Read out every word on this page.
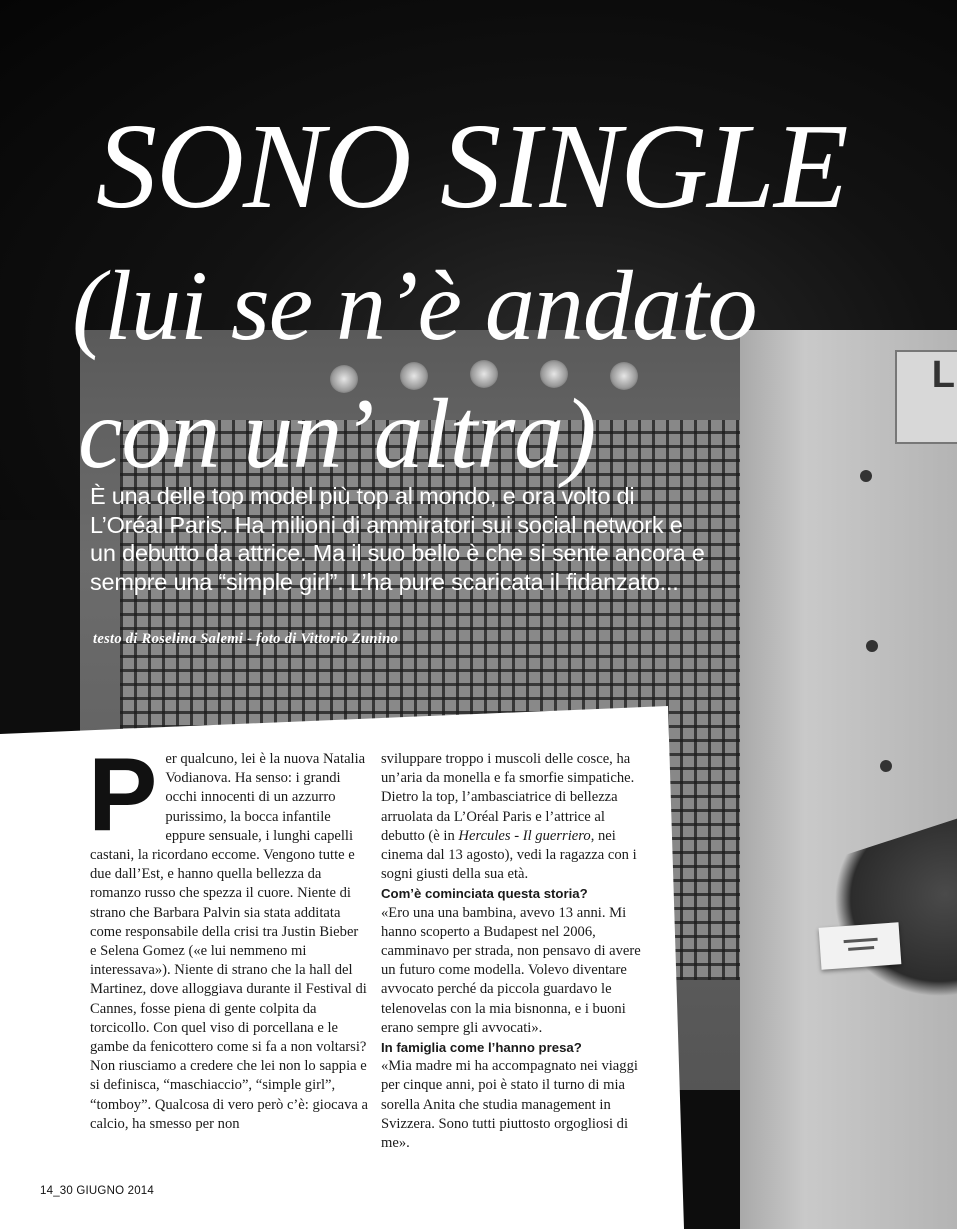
L
SONO SINGLE
(lui se n’è andato
con un’altra)

È una delle top model più top al mondo, e ora volto di L’Oréal Paris. Ha milioni di ammiratori sui social network e un debutto da attrice. Ma il suo bello è che si sente ancora e sempre una “simple girl”. L’ha pure scaricata il fidanzato...

testo di Roselina Salemi - foto di Vittorio Zunino

Per qualcuno, lei è la nuova Natalia Vodianova. Ha senso: i grandi occhi innocenti di un azzurro purissimo, la bocca infantile eppure sensuale, i lunghi capelli castani, la ricordano eccome. Vengono tutte e due dall’Est, e hanno quella bellezza da romanzo russo che spezza il cuore. Niente di strano che Barbara Palvin sia stata additata come responsabile della crisi tra Justin Bieber e Selena Gomez («e lui nemmeno mi interessava»). Niente di strano che la hall del Martinez, dove alloggiava durante il Festival di Cannes, fosse piena di gente colpita da torcicollo. Con quel viso di porcellana e le gambe da fenicottero come si fa a non voltarsi? Non riusciamo a credere che lei non lo sappia e si definisca, “maschiaccio”, “simple girl”, “tomboy”. Qualcosa di vero però c’è: giocava a calcio, ha smesso per non
sviluppare troppo i muscoli delle cosce, ha un’aria da monella e fa smorfie simpatiche. Dietro la top, l’ambasciatrice di bellezza arruolata da L’Oréal Paris e l’attrice al debutto (è in Hercules - Il guerriero, nei cinema dal 13 agosto), vedi la ragazza con i sogni giusti della sua età.
Com’è cominciata questa storia?
«Ero una una bambina, avevo 13 anni. Mi hanno scoperto a Budapest nel 2006, camminavo per strada, non pensavo di avere un futuro come modella. Volevo diventare avvocato perché da piccola guardavo le telenovelas con la mia bisnonna, e i buoni erano sempre gli avvocati».
In famiglia come l’hanno presa?
«Mia madre mi ha accompagnato nei viaggi per cinque anni, poi è stato il turno di mia sorella Anita che studia management in Svizzera. Sono tutti piuttosto orgogliosi di me».

14_30 GIUGNO 2014
